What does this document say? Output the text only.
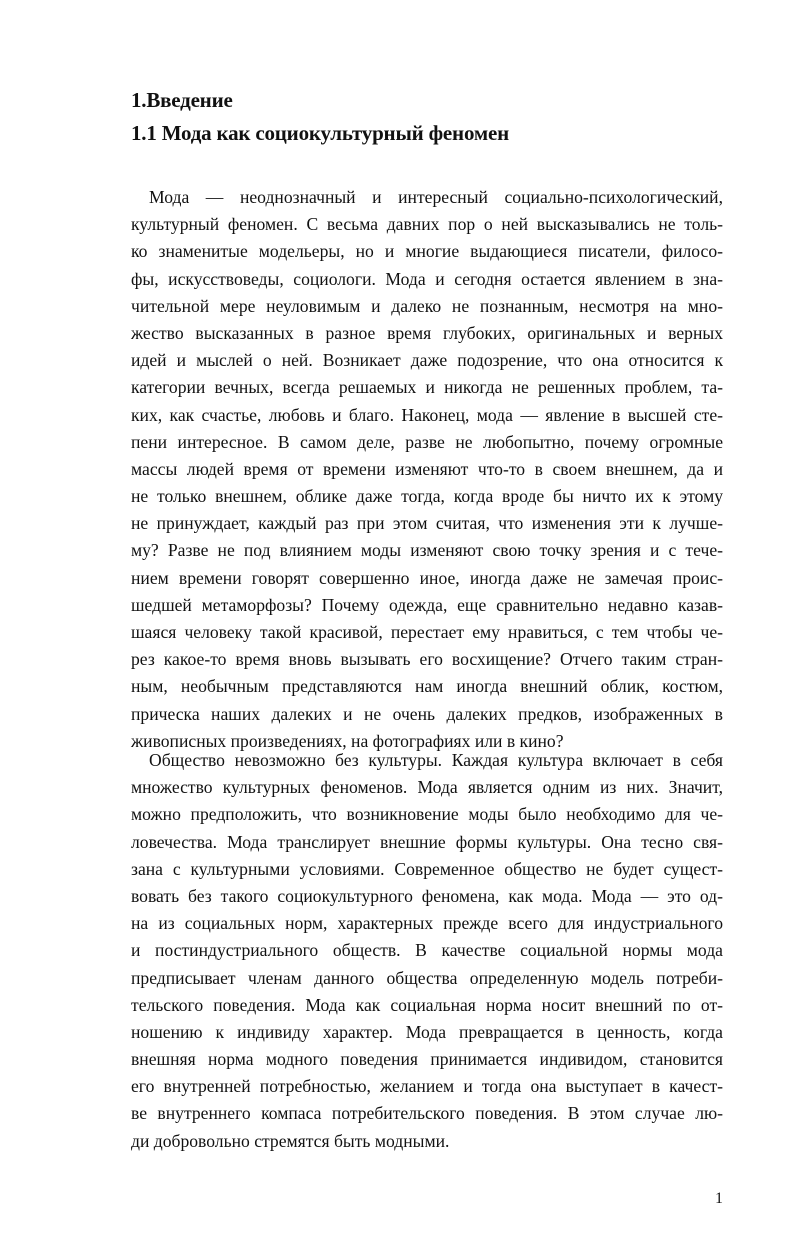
1.Введение
1.1 Мода как социокультурный феномен
Мода — неоднозначный и интересный социально-психологический,
культурный феномен. С весьма давних пор о ней высказывались не толь-
ко знаменитые модельеры, но и многие выдающиеся писатели, филосо-
фы, искусствоведы, социологи. Мода и сегодня остается явлением в зна-
чительной мере неуловимым и далеко не познанным, несмотря на мно-
жество высказанных в разное время глубоких, оригинальных и верных
идей и мыслей о ней. Возникает даже подозрение, что она относится к
категории вечных, всегда решаемых и никогда не решенных проблем, та-
ких, как счастье, любовь и благо. Наконец, мода — явление в высшей сте-
пени интересное. В самом деле, разве не любопытно, почему огромные
массы людей время от времени изменяют что-то в своем внешнем, да и
не только внешнем, облике даже тогда, когда вроде бы ничто их к этому
не принуждает, каждый раз при этом считая, что изменения эти к лучше-
му? Разве не под влиянием моды изменяют свою точку зрения и с тече-
нием времени говорят совершенно иное, иногда даже не замечая проис-
шедшей метаморфозы? Почему одежда, еще сравнительно недавно казав-
шаяся человеку такой красивой, перестает ему нравиться, с тем чтобы че-
рез какое-то время вновь вызывать его восхищение? Отчего таким стран-
ным, необычным представляются нам иногда внешний облик, костюм,
прическа наших далеких и не очень далеких предков, изображенных в
живописных произведениях, на фотографиях или в кино?
Общество невозможно без культуры. Каждая культура включает в себя
множество культурных феноменов. Мода является одним из них. Значит,
можно предположить, что возникновение моды было необходимо для че-
ловечества. Мода транслирует внешние формы культуры. Она тесно свя-
зана с культурными условиями. Современное общество не будет сущест-
вовать без такого социокультурного феномена, как мода. Мода — это од-
на из социальных норм, характерных прежде всего для индустриального
и постиндустриального обществ. В качестве социальной нормы мода
предписывает членам данного общества определенную модель потреби-
тельского поведения. Мода как социальная норма носит внешний по от-
ношению к индивиду характер. Мода превращается в ценность, когда
внешняя норма модного поведения принимается индивидом, становится
его внутренней потребностью, желанием и тогда она выступает в качест-
ве внутреннего компаса потребительского поведения. В этом случае лю-
ди добровольно стремятся быть модными.
1
